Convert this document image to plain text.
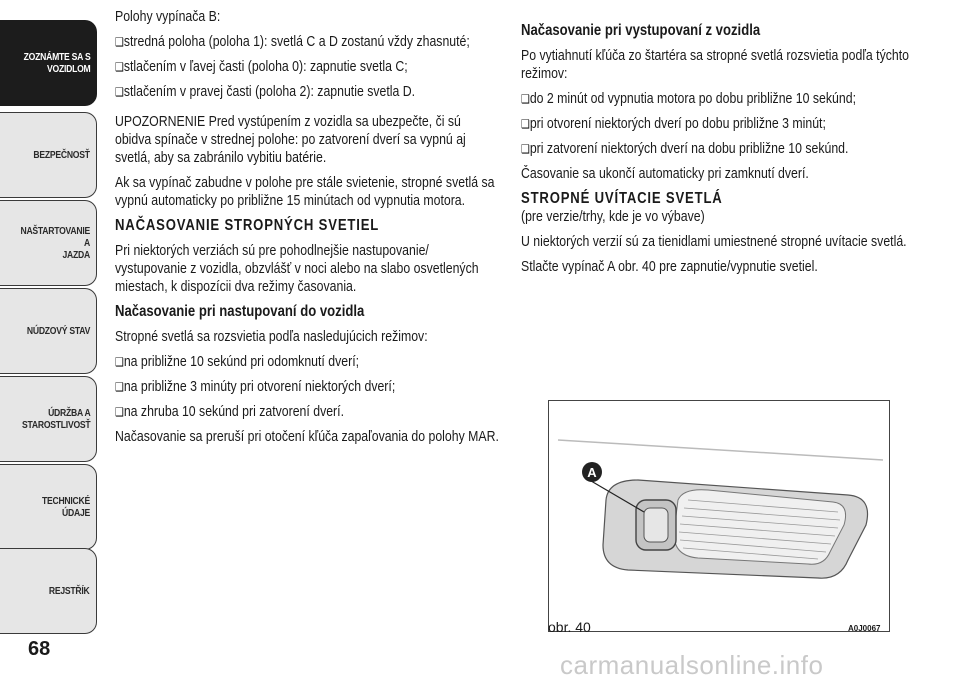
ZOZNÁMTE SA S
VOZIDLOM
BEZPEČNOSŤ
NAŠTARTOVANIE A
JAZDA
NÚDZOVÝ STAV
ÚDRŽBA A
STAROSTLIVOSŤ
TECHNICKÉ ÚDAJE
REJSTŘÍK
68

Polohy vypínača B:

❑ stredná poloha (poloha 1): svetlá C a D zostanú vždy zhasnuté;

❑ stlačením v ľavej časti (poloha 0): zapnutie svetla C;

❑ stlačením v pravej časti (poloha 2): zapnutie svetla D.

UPOZORNENIE Pred vystúpením z vozidla sa ubezpečte, či sú obidva spínače v strednej polohe: po zatvorení dverí sa vypnú aj svetlá, aby sa zabránilo vybitiu batérie.

Ak sa vypínač zabudne v polohe pre stále svietenie, stropné svetlá sa vypnú automaticky po približne 15 minútach od vypnutia motora.

NAČASOVANIE STROPNÝCH SVETIEL

Pri niektorých verziách sú pre pohodlnejšie nastupovanie/ vystupovanie z vozidla, obzvlášť v noci alebo na slabo osvetlených miestach, k dispozícii dva režimy časovania.

Načasovanie pri nastupovaní do vozidla

Stropné svetlá sa rozsvietia podľa nasledujúcich režimov:

❑ na približne 10 sekúnd pri odomknutí dverí;

❑ na približne 3 minúty pri otvorení niektorých dverí;

❑ na zhruba 10 sekúnd pri zatvorení dverí.

Načasovanie sa preruší pri otočení kľúča zapaľovania do polohy MAR.

Načasovanie pri vystupovaní z vozidla

Po vytiahnutí kľúča zo štartéra sa stropné svetlá rozsvietia podľa týchto režimov:

❑ do 2 minút od vypnutia motora po dobu približne 10 sekúnd;

❑ pri otvorení niektorých dverí po dobu približne 3 minút;

❑ pri zatvorení niektorých dverí na dobu približne 10 sekúnd.

Časovanie sa ukončí automaticky pri zamknutí dverí.

STROPNÉ UVÍTACIE SVETLÁ

(pre verzie/trhy, kde je vo výbave)

U niektorých verzií sú za tienidlami umiestnené stropné uvítacie svetlá.

Stlačte vypínač A obr. 40 pre zapnutie/vypnutie svetiel.

A
obr. 40	A0J0067
carmanualsonline.info
